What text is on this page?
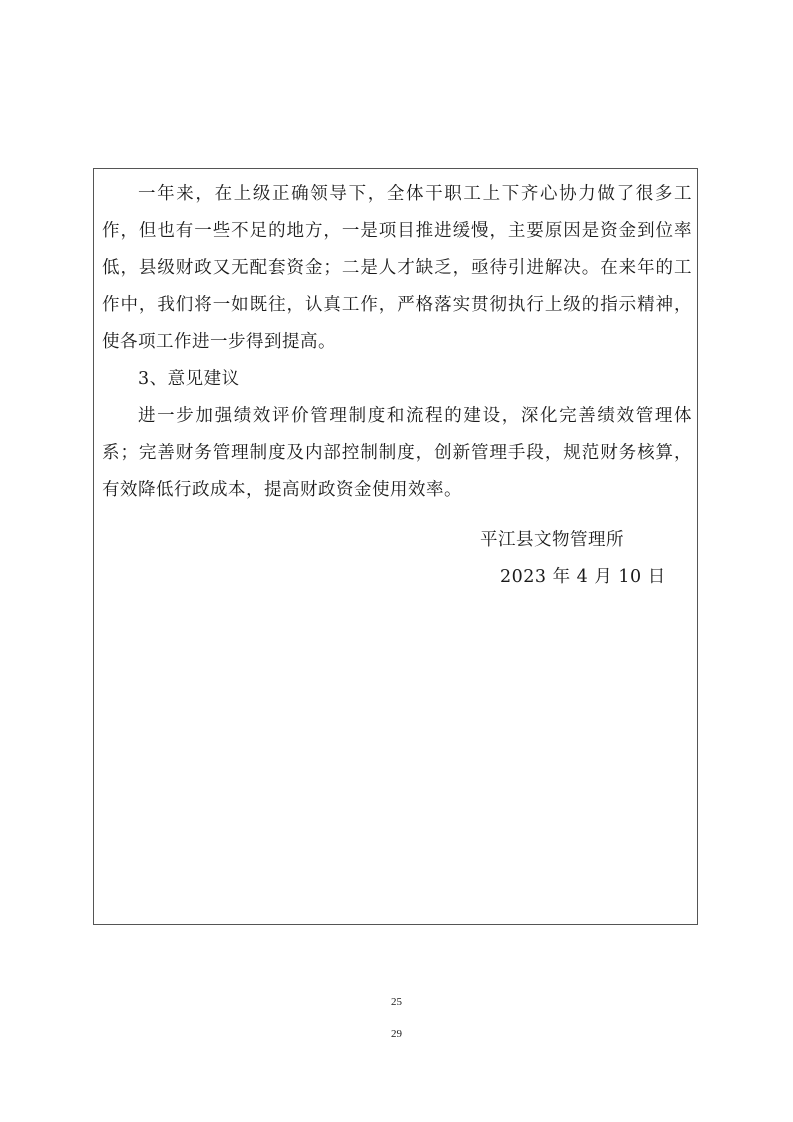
一年来，在上级正确领导下，全体干职工上下齐心协力做了很多工作，但也有一些不足的地方，一是项目推进缓慢，主要原因是资金到位率低，县级财政又无配套资金；二是人才缺乏，亟待引进解决。在来年的工作中，我们将一如既往，认真工作，严格落实贯彻执行上级的指示精神，使各项工作进一步得到提高。

3、意见建议

进一步加强绩效评价管理制度和流程的建设，深化完善绩效管理体系；完善财务管理制度及内部控制制度，创新管理手段，规范财务核算，有效降低行政成本，提高财政资金使用效率。

平江县文物管理所
2023 年 4 月 10 日
25
29
